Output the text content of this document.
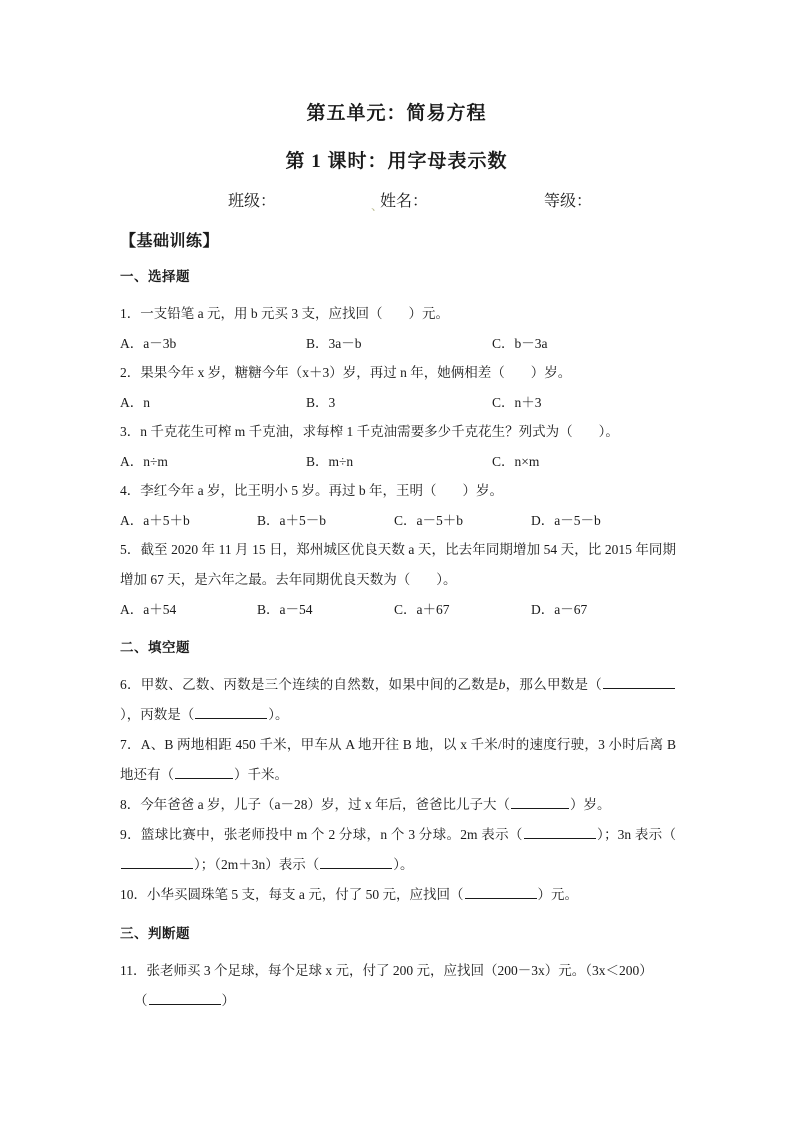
第五单元：简易方程
第 1 课时：用字母表示数
班级：	、
姓名：	等级：
【基础训练】
一、选择题
1．一支铅笔 a 元，用 b 元买 3 支，应找回（ ）元。
A．a－3b	B．3a－b	C．b－3a
2．果果今年 x 岁，糖糖今年（x＋3）岁，再过 n 年，她俩相差（ ）岁。
A．n	B．3	C．n＋3
3．n 千克花生可榨 m 千克油，求每榨 1 千克油需要多少千克花生？列式为（ ）。
A．n÷m	B．m÷n	C．n×m
4．李红今年 a 岁，比王明小 5 岁。再过 b 年，王明（ ）岁。
A．a＋5＋b	B．a＋5－b	C．a－5＋b	D．a－5－b
5．截至 2020 年 11 月 15 日，郑州城区优良天数 a 天，比去年同期增加 54 天，比 2015 年同期增加 67 天，是六年之最。去年同期优良天数为（ ）。
A．a＋54	B．a－54	C．a＋67	D．a－67
二、填空题
6．甲数、乙数、丙数是三个连续的自然数，如果中间的乙数是b，那么甲数是（），丙数是（	）。
7．A、B 两地相距 450 千米，甲车从 A 地开往 B 地，以 x 千米/时的速度行驶，3 小时后离 B 地还有（	）千米。
8．今年爸爸 a 岁，儿子（a－28）岁，过 x 年后，爸爸比儿子大（	）岁。
9．篮球比赛中，张老师投中 m 个 2 分球，n 个 3 分球。2m 表示（	）；3n 表示（）；（2m＋3n）表示（	）。
10．小华买圆珠笔 5 支，每支 a 元，付了 50 元，应找回（	）元。
三、判断题
11．张老师买 3 个足球，每个足球 x 元，付了 200 元，应找回（200－3x）元。（3x＜200）
（	）
